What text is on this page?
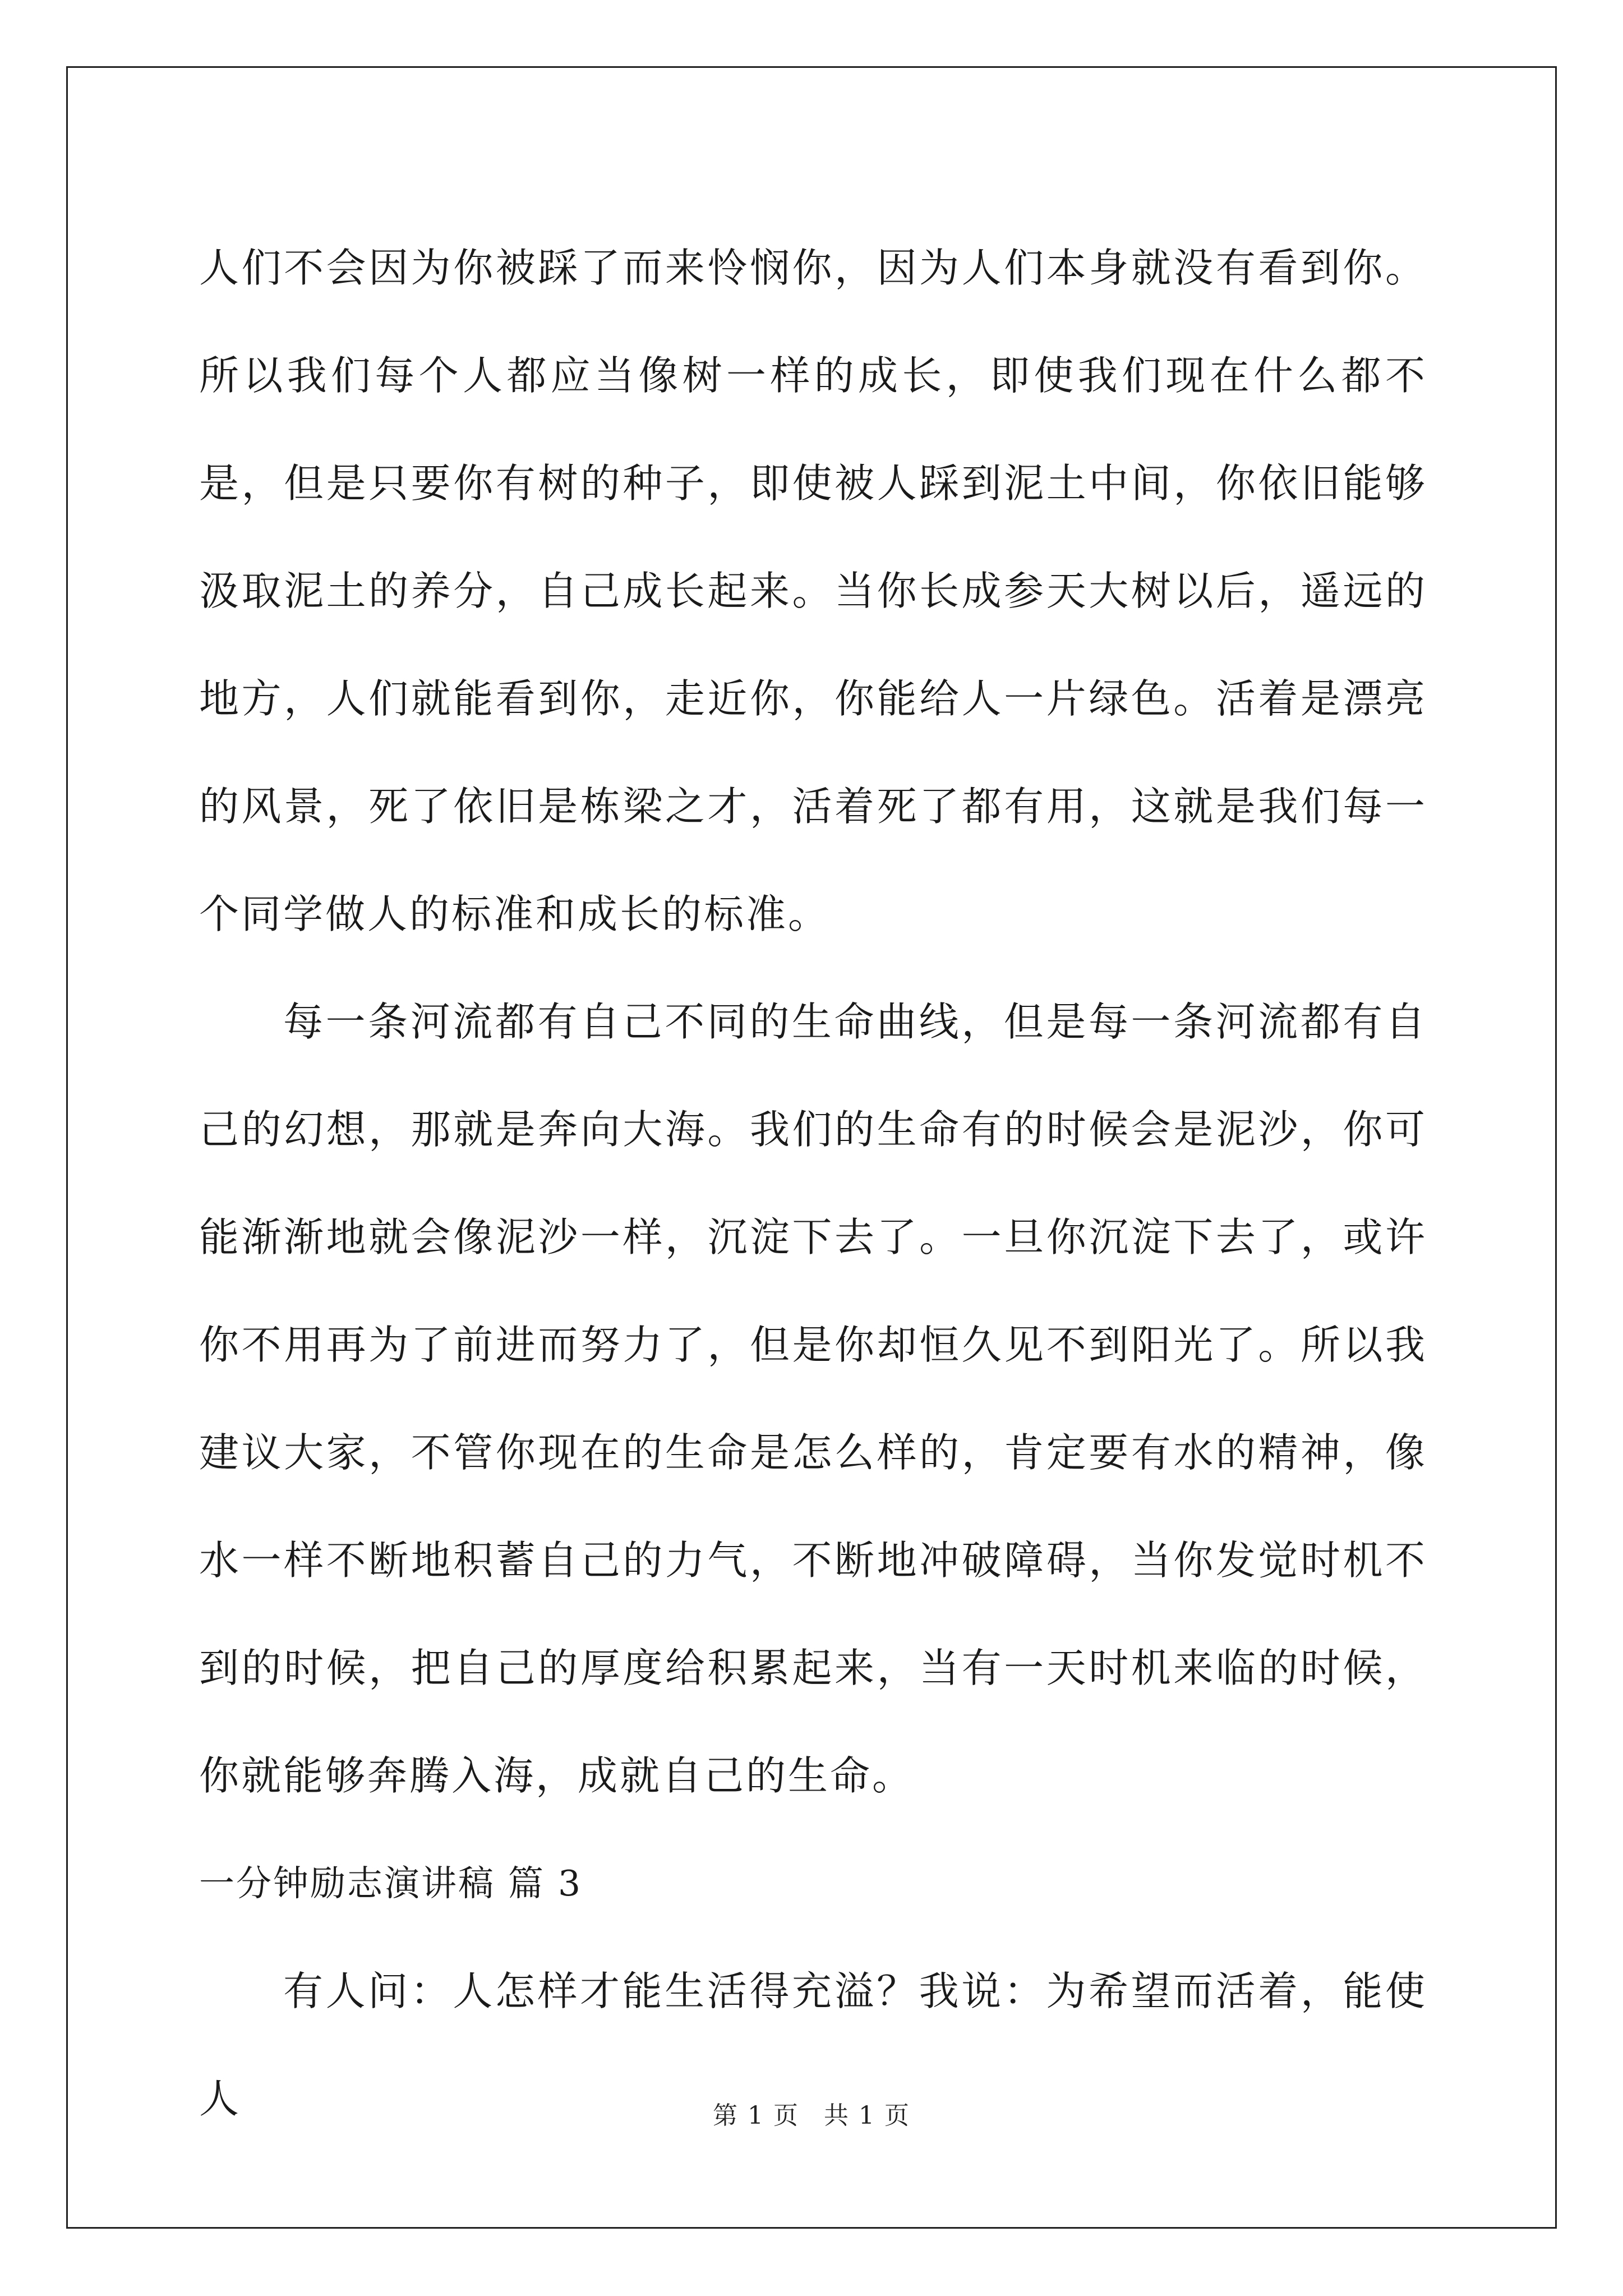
人们不会因为你被踩了而来怜悯你，因为人们本身就没有看到你。所以我们每个人都应当像树一样的成长，即使我们现在什么都不是，但是只要你有树的种子，即使被人踩到泥土中间，你依旧能够汲取泥土的养分，自己成长起来。当你长成参天大树以后，遥远的地方，人们就能看到你，走近你，你能给人一片绿色。活着是漂亮的风景，死了依旧是栋梁之才，活着死了都有用，这就是我们每一个同学做人的标准和成长的标准。

每一条河流都有自己不同的生命曲线，但是每一条河流都有自己的幻想，那就是奔向大海。我们的生命有的时候会是泥沙，你可能渐渐地就会像泥沙一样，沉淀下去了。一旦你沉淀下去了，或许你不用再为了前进而努力了，但是你却恒久见不到阳光了。所以我建议大家，不管你现在的生命是怎么样的，肯定要有水的精神，像水一样不断地积蓄自己的力气，不断地冲破障碍，当你发觉时机不到的时候，把自己的厚度给积累起来，当有一天时机来临的时候，你就能够奔腾入海，成就自己的生命。

一分钟励志演讲稿 篇 3

有人问：人怎样才能生活得充溢？我说：为希望而活着，能使人	第 1 页 共 1 页
